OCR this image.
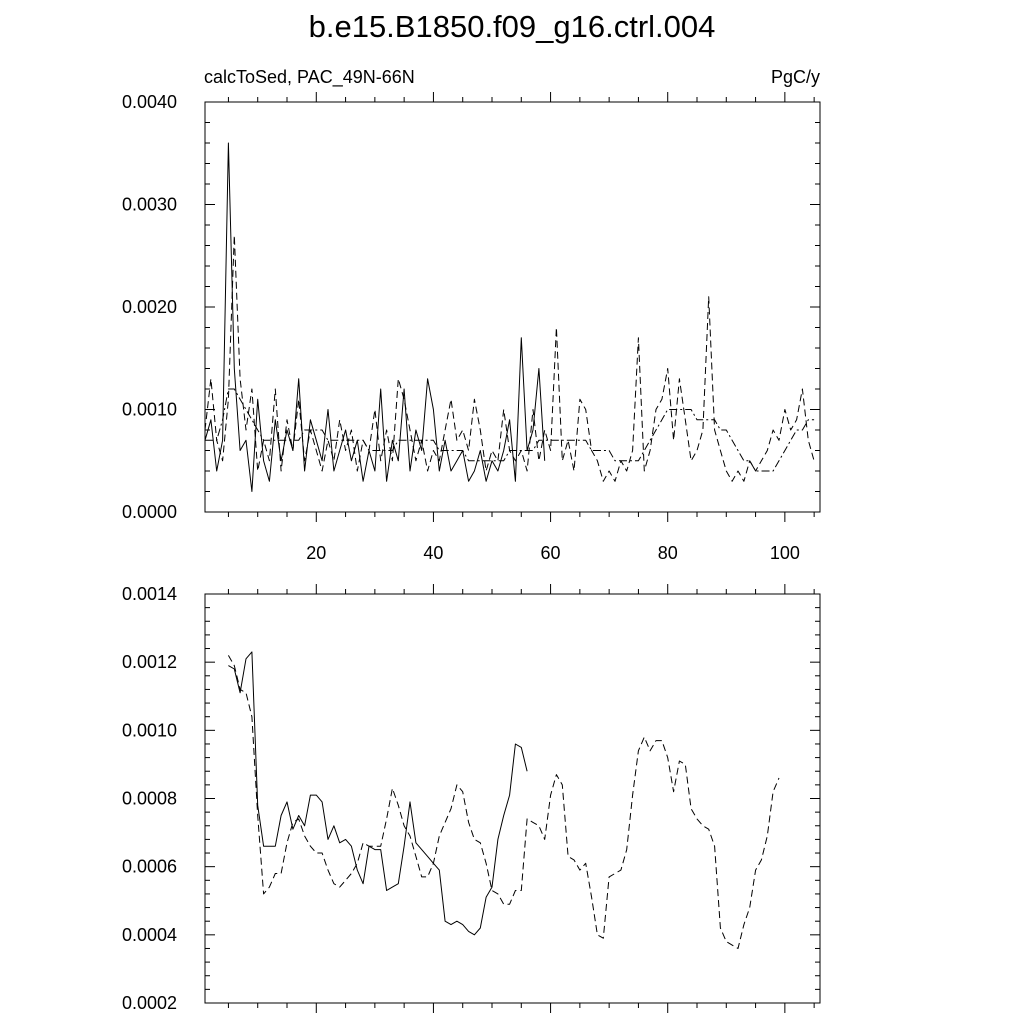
b.e15.B1850.f09_g16.ctrl.004
calcToSed, PAC_49N-66N	PgC/y
0.0000
0.0010
0.0020
0.0030
0.0040
20	40	60	80	100
0.0002
0.0004
0.0006
0.0008
0.0010
0.0012
0.0014
